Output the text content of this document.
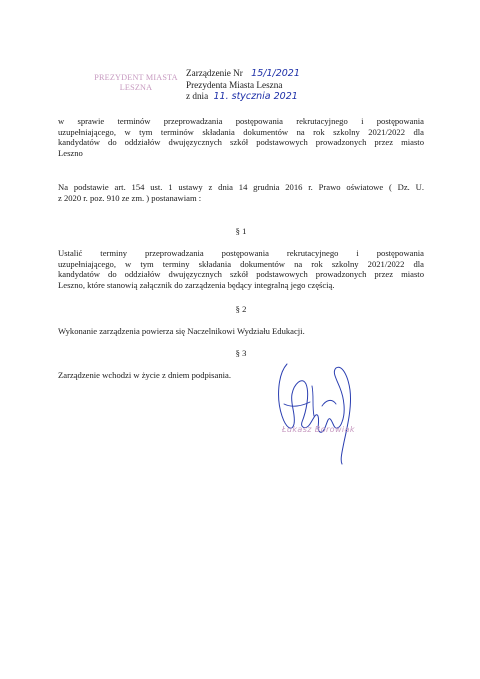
PREZYDENT MIASTA
LESZNA
Zarządzenie Nr 15/1/2021
Prezydenta Miasta Leszna
z dnia 11. stycznia 2021
w sprawie terminów przeprowadzania postępowania rekrutacyjnego i postępowania
uzupełniającego, w tym terminów składania dokumentów na rok szkolny 2021/2022 dla
kandydatów do oddziałów dwujęzycznych szkół podstawowych prowadzonych przez miasto
Leszno
Na podstawie art. 154 ust. 1 ustawy z dnia 14 grudnia 2016 r. Prawo oświatowe ( Dz. U.
z 2020 r. poz. 910 ze zm. ) postanawiam :
§ 1
Ustalić terminy przeprowadzania postępowania rekrutacyjnego i postępowania
uzupełniającego, w tym terminy składania dokumentów na rok szkolny 2021/2022 dla
kandydatów do oddziałów dwujęzycznych szkół podstawowych prowadzonych przez miasto
Leszno, które stanowią załącznik do zarządzenia będący integralną jego częścią.
§ 2
Wykonanie zarządzenia powierza się Naczelnikowi Wydziału Edukacji.
§ 3
Zarządzenie wchodzi w życie z dniem podpisania.
Łukasz Borowiak
